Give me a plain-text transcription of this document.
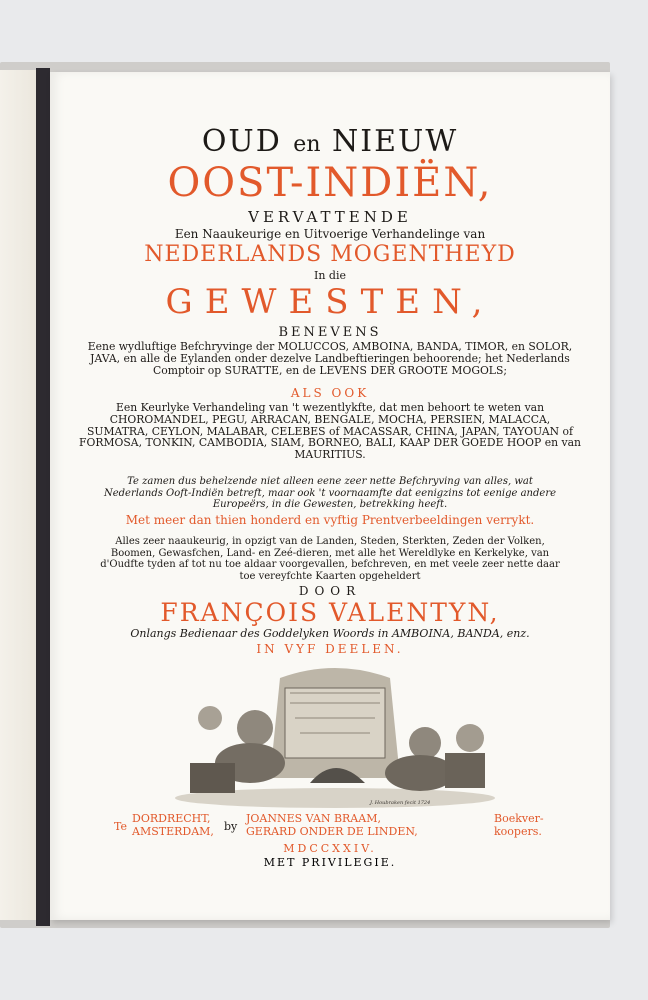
OUD en NIEUW
OOST-INDIËN,
VERVATTENDE
Een Naaukeurige en Uitvoerige Verhandelinge van
NEDERLANDS MOGENTHEYD
In die
GEWESTEN,
BENEVENS
Eene wydluftige Befchryvinge der MOLUCCOS, AMBOINA, BANDA, TIMOR, en SOLOR, JAVA, en alle de Eylanden onder dezelve Landbeftieringen behoorende; het Nederlands Comptoir op SURATTE, en de LEVENS DER GROOTE MOGOLS;
ALS OOK
Een Keurlyke Verhandeling van 't wezentlykfte, dat men behoort te weten van CHOROMANDEL, PEGU, ARRACAN, BENGALE, MOCHA, PERSIEN, MALACCA, SUMATRA, CEYLON, MALABAR, CELEBES of MACASSAR, CHINA, JAPAN, TAYOUAN of FORMOSA, TONKIN, CAMBODIA, SIAM, BORNEO, BALI, KAAP DER GOEDE HOOP en van MAURITIUS.
Te zamen dus behelzende niet alleen eene zeer nette Befchryving van alles, wat Nederlands Ooft-Indiën betreft, maar ook 't voornaamfte dat eenigzins tot eenige andere Europeërs, in die Gewesten, betrekking heeft.
Met meer dan thien honderd en vyftig Prentverbeeldingen verrykt.
Alles zeer naaukeurig, in opzigt van de Landen, Steden, Sterkten, Zeden der Volken, Boomen, Gewasfchen, Land- en Zeé-dieren, met alle het Wereldlyke en Kerkelyke, van d'Oudfte tyden af tot nu toe aldaar voorgevallen, befchreven, en met veele zeer nette daar toe vereyfchte Kaarten opgeheldert
DOOR
FRANÇOIS VALENTYN,
Onlangs Bedienaar des Goddelyken Woords in AMBOINA, BANDA, enz.
IN VYF DEELEN.
J. Houbraken fecit 1724
Te
DORDRECHT,
AMSTERDAM, by
JOANNES VAN BRAAM,
GERARD ONDER DE LINDEN,
Boekver-
koopers.
MDCCXXIV.
MET PRIVILEGIE.
